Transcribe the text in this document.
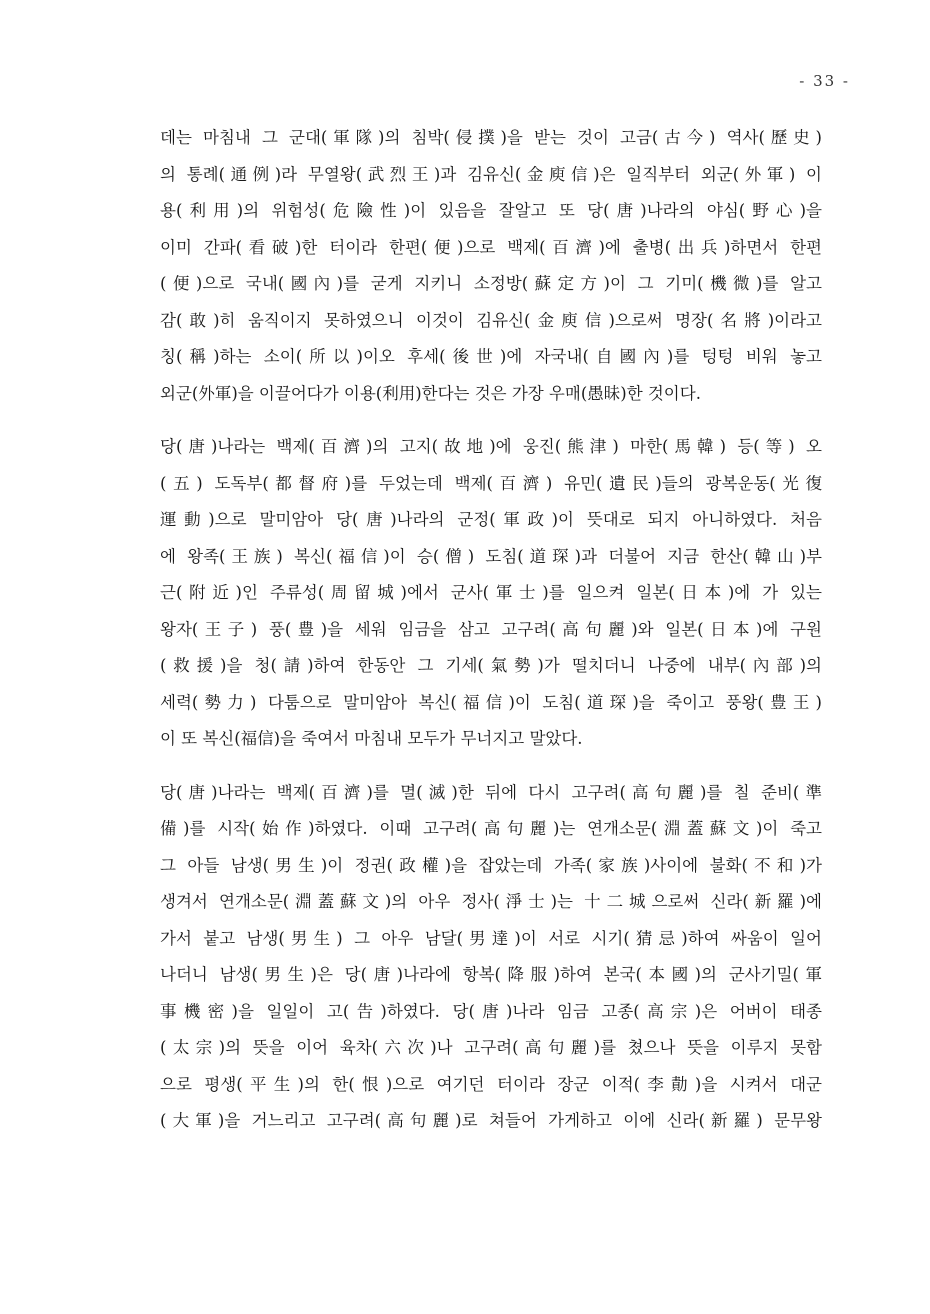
- 33 -

데는 마침내 그 군대(軍隊)의 침박(侵撲)을 받는 것이 고금(古今) 역사(歷史)
의 통례(通例)라 무열왕(武烈王)과 김유신(金庾信)은 일직부터 외군(外軍) 이
용(利用)의 위험성(危險性)이 있음을 잘알고 또 당(唐)나라의 야심(野心)을
이미 간파(看破)한 터이라 한편(便)으로 백제(百濟)에 출병(出兵)하면서 한편
(便)으로 국내(國內)를 굳게 지키니 소정방(蘇定方)이 그 기미(機微)를 알고
감(敢)히 움직이지 못하였으니 이것이 김유신(金庾信)으로써 명장(名將)이라고
칭(稱)하는 소이(所以)이오 후세(後世)에 자국내(自國內)를 텅텅 비워 놓고
외군(外軍)을 이끌어다가 이용(利用)한다는 것은 가장 우매(愚昧)한 것이다.

당(唐)나라는 백제(百濟)의 고지(故地)에 웅진(熊津) 마한(馬韓) 등(等) 오
(五) 도독부(都督府)를 두었는데 백제(百濟) 유민(遺民)들의 광복운동(光復
運動)으로 말미암아 당(唐)나라의 군정(軍政)이 뜻대로 되지 아니하였다. 처음
에 왕족(王族) 복신(福信)이 승(僧) 도침(道琛)과 더불어 지금 한산(韓山)부
근(附近)인 주류성(周留城)에서 군사(軍士)를 일으켜 일본(日本)에 가 있는
왕자(王子) 풍(豊)을 세워 임금을 삼고 고구려(高句麗)와 일본(日本)에 구원
(救援)을 청(請)하여 한동안 그 기세(氣勢)가 떨치더니 나중에 내부(內部)의
세력(勢力) 다툼으로 말미암아 복신(福信)이 도침(道琛)을 죽이고 풍왕(豊王)
이 또 복신(福信)을 죽여서 마침내 모두가 무너지고 말았다.

당(唐)나라는 백제(百濟)를 멸(滅)한 뒤에 다시 고구려(高句麗)를 칠 준비(準
備)를 시작(始作)하였다. 이때 고구려(高句麗)는 연개소문(淵蓋蘇文)이 죽고
그 아들 남생(男生)이 정권(政權)을 잡았는데 가족(家族)사이에 불화(不和)가
생겨서 연개소문(淵蓋蘇文)의 아우 정사(淨士)는 十二城으로써 신라(新羅)에
가서 붙고 남생(男生) 그 아우 남달(男達)이 서로 시기(猜忌)하여 싸움이 일어
나더니 남생(男生)은 당(唐)나라에 항복(降服)하여 본국(本國)의 군사기밀(軍
事機密)을 일일이 고(告)하였다. 당(唐)나라 임금 고종(高宗)은 어버이 태종
(太宗)의 뜻을 이어 육차(六次)나 고구려(高句麗)를 쳤으나 뜻을 이루지 못함
으로 평생(平生)의 한(恨)으로 여기던 터이라 장군 이적(李勣)을 시켜서 대군
(大軍)을 거느리고 고구려(高句麗)로 쳐들어 가게하고 이에 신라(新羅) 문무왕
